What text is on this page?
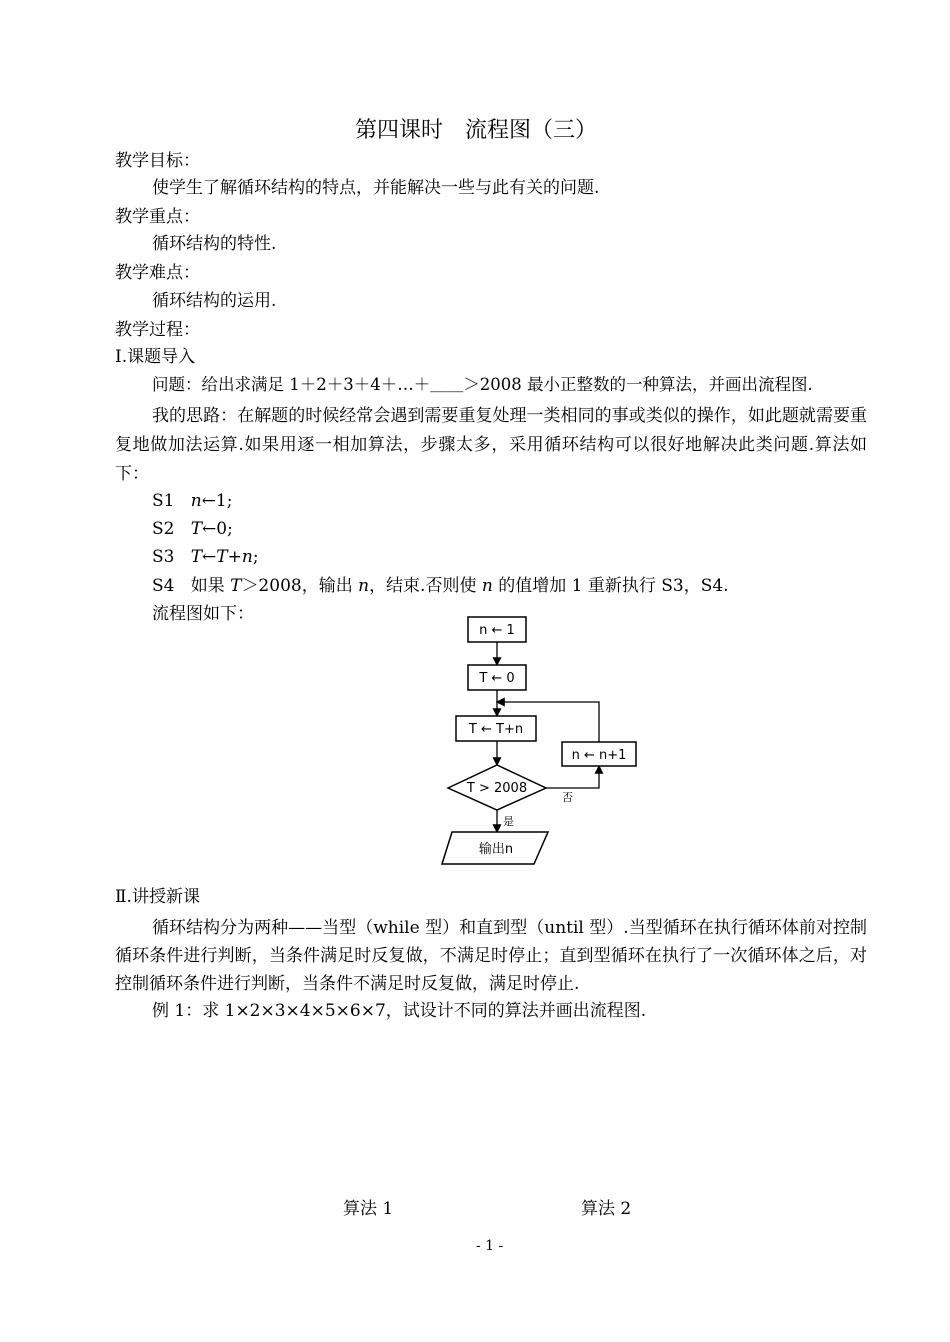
第四课时　流程图（三）
教学目标：
使学生了解循环结构的特点，并能解决一些与此有关的问题.
教学重点：
循环结构的特性.
教学难点：
循环结构的运用.
教学过程：
Ⅰ.课题导入
问题：给出求满足 1＋2＋3＋4＋…＋＿＿＞2008 最小正整数的一种算法，并画出流程图.
我的思路：在解题的时候经常会遇到需要重复处理一类相同的事或类似的操作，如此题就需要重复地做加法运算.如果用逐一相加算法，步骤太多，采用循环结构可以很好地解决此类问题.算法如下：
S1 n←1;
S2 T←0;
S3 T←T+n;
S4 如果 T＞2008，输出 n，结束.否则使 n 的值增加 1 重新执行 S3，S4.
流程图如下：
n ← 1
T ← 0
T ← T+n
T > 2008
否
n ← n+1
是
输出n
Ⅱ.讲授新课
循环结构分为两种——当型（while 型）和直到型（until 型）.当型循环在执行循环体前对控制循环条件进行判断，当条件满足时反复做，不满足时停止；直到型循环在执行了一次循环体之后，对控制循环条件进行判断，当条件不满足时反复做，满足时停止.
例 1：求 1×2×3×4×5×6×7，试设计不同的算法并画出流程图.
算法 1	算法 2
- 1 -
